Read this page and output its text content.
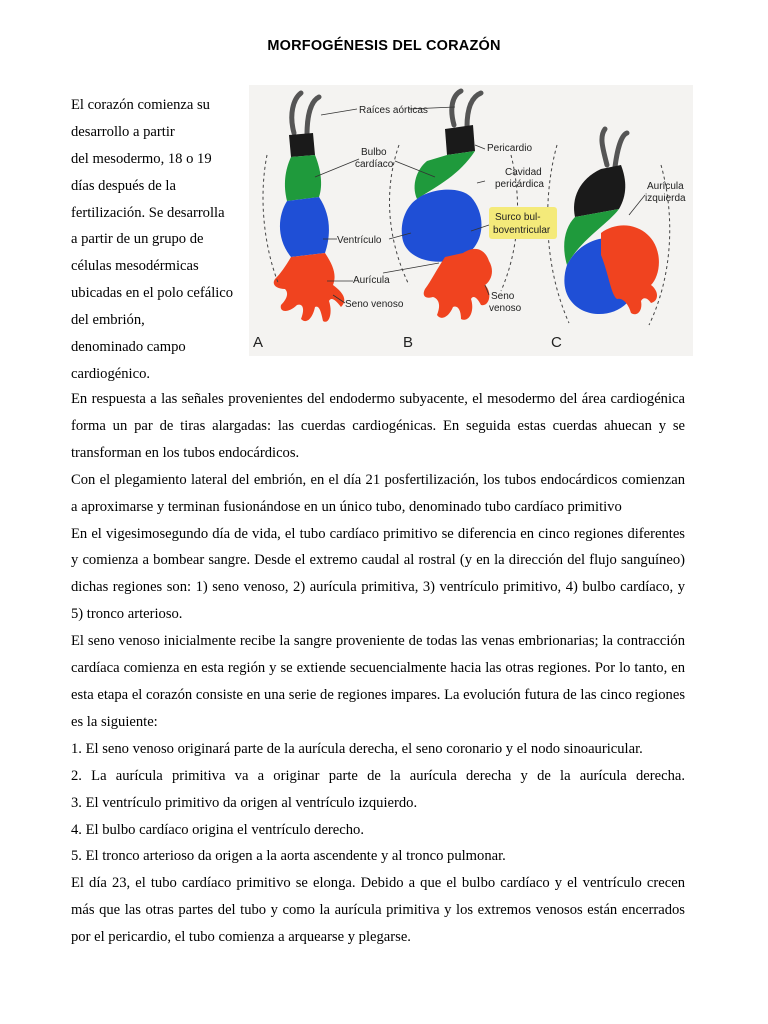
MORFOGÉNESIS DEL CORAZÓN
El corazón comienza su
desarrollo a partir
del mesodermo, 18 o 19
días después de la
fertilización. Se desarrolla
a partir de un grupo de
células mesodérmicas
ubicadas en el polo cefálico
del embrión,
denominado campo
cardiogénico.
Raíces aórticas
Bulbo
cardíaco
Ventrículo
Aurícula
Seno venoso
Pericardio
Cavidad
pericárdica
Surco bul-
boventricular
Seno
venoso
Aurícula
izquierda
A	B	C
En respuesta a las señales provenientes del endodermo subyacente, el mesodermo del área cardiogénica forma un par de tiras alargadas: las cuerdas cardiogénicas. En seguida estas cuerdas ahuecan y se transforman en los tubos endocárdicos.
Con el plegamiento lateral del embrión, en el día 21 posfertilización, los tubos endocárdicos comienzan a aproximarse y terminan fusionándose en un único tubo, denominado tubo cardíaco primitivo
En el vigesimosegundo día de vida, el tubo cardíaco primitivo se diferencia en cinco regiones diferentes y comienza a bombear sangre. Desde el extremo caudal al rostral (y en la dirección del flujo sanguíneo) dichas regiones son: 1) seno venoso, 2) aurícula primitiva, 3) ventrículo primitivo, 4) bulbo cardíaco, y 5) tronco arterioso.
El seno venoso inicialmente recibe la sangre proveniente de todas las venas embrionarias; la contracción cardíaca comienza en esta región y se extiende secuencialmente hacia las otras regiones. Por lo tanto, en esta etapa el corazón consiste en una serie de regiones impares. La evolución futura de las cinco regiones es la siguiente:
1. El seno venoso originará parte de la aurícula derecha, el seno coronario y el nodo sinoauricular.
2. La aurícula primitiva va a originar parte de la aurícula derecha y de la aurícula derecha.
3. El ventrículo primitivo da origen al ventrículo izquierdo.
4. El bulbo cardíaco origina el ventrículo derecho.
5. El tronco arterioso da origen a la aorta ascendente y al tronco pulmonar.
El día 23, el tubo cardíaco primitivo se elonga. Debido a que el bulbo cardíaco y el ventrículo crecen más que las otras partes del tubo y como la aurícula primitiva y los extremos venosos están encerrados por el pericardio, el tubo comienza a arquearse y plegarse.
